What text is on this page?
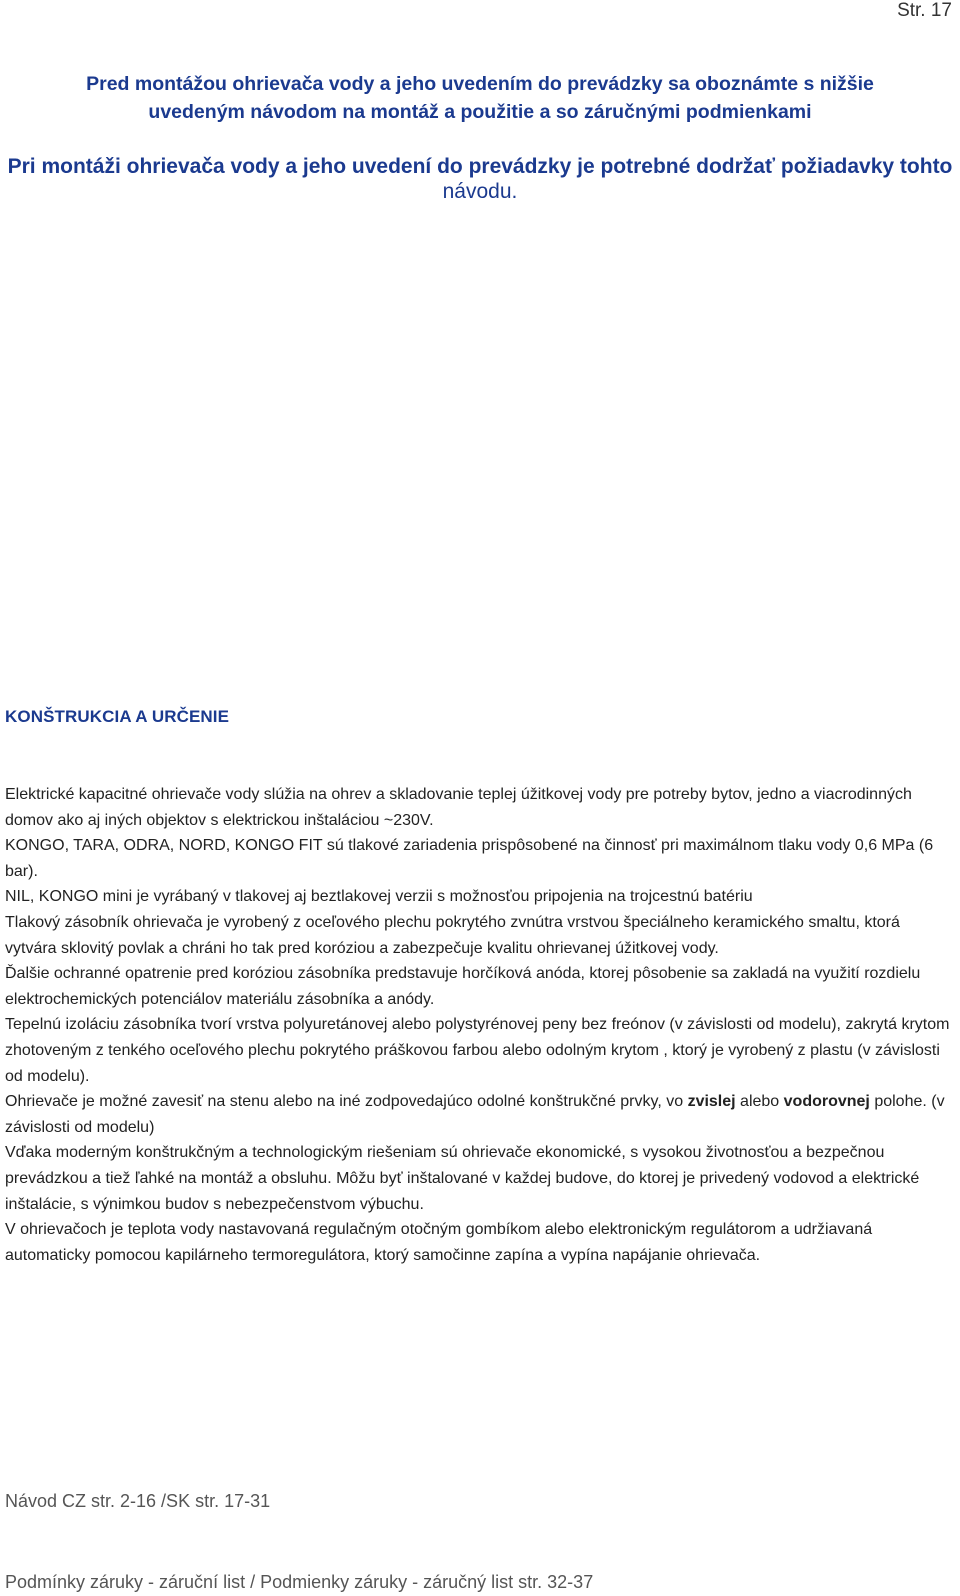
Str. 17
Pred montážou ohrievača vody a jeho uvedením do prevádzky sa oboznámte s nižšie
uvedeným návodom na montáž a použitie a so záručnými podmienkami
Pri montáži ohrievača vody a jeho uvedení do prevádzky je potrebné dodržať požiadavky tohto
návodu.
KONŠTRUKCIA A URČENIE

Elektrické kapacitné ohrievače vody slúžia na ohrev a skladovanie teplej úžitkovej vody pre potreby bytov, jedno a viacrodinných domov ako aj iných objektov s elektrickou inštaláciou ~230V.

KONGO, TARA, ODRA, NORD, KONGO FIT sú tlakové zariadenia prispôsobené na činnosť pri maximálnom tlaku vody 0,6 MPa (6 bar).

NIL, KONGO mini je vyrábaný v tlakovej aj beztlakovej verzii s možnosťou pripojenia na trojcestnú batériu

Tlakový zásobník ohrievača je vyrobený z oceľového plechu pokrytého zvnútra vrstvou špeciálneho keramického smaltu, ktorá vytvára sklovitý povlak a chráni ho tak pred koróziou a zabezpečuje kvalitu ohrievanej úžitkovej vody.

Ďalšie ochranné opatrenie pred koróziou zásobníka predstavuje horčíková anóda, ktorej pôsobenie sa zakladá na využití rozdielu elektrochemických potenciálov materiálu zásobníka a anódy.

Tepelnú izoláciu zásobníka tvorí vrstva polyuretánovej alebo polystyrénovej peny bez freónov (v závislosti od modelu), zakrytá krytom zhotoveným z tenkého oceľového plechu pokrytého práškovou farbou alebo odolným krytom , ktorý je vyrobený z plastu (v závislosti od modelu).

Ohrievače je možné zavesiť na stenu alebo na iné zodpovedajúco odolné konštrukčné prvky, vo zvislej alebo vodorovnej polohe. (v závislosti od modelu)

Vďaka moderným konštrukčným a technologickým riešeniam sú ohrievače ekonomické, s vysokou životnosťou a bezpečnou prevádzkou a tiež ľahké na montáž a obsluhu. Môžu byť inštalované v každej budove, do ktorej je privedený vodovod a elektrické inštalácie, s výnimkou budov s nebezpečenstvom výbuchu.

V ohrievačoch je teplota vody nastavovaná regulačným otočným gombíkom alebo elektronickým regulátorom a udržiavaná automaticky pomocou kapilárneho termoregulátora, ktorý samočinne zapína a vypína napájanie ohrievača.

Návod CZ str. 2-16 /SK str. 17-31
Podmínky záruky - záruční list / Podmienky záruky - záručný list str. 32-37
